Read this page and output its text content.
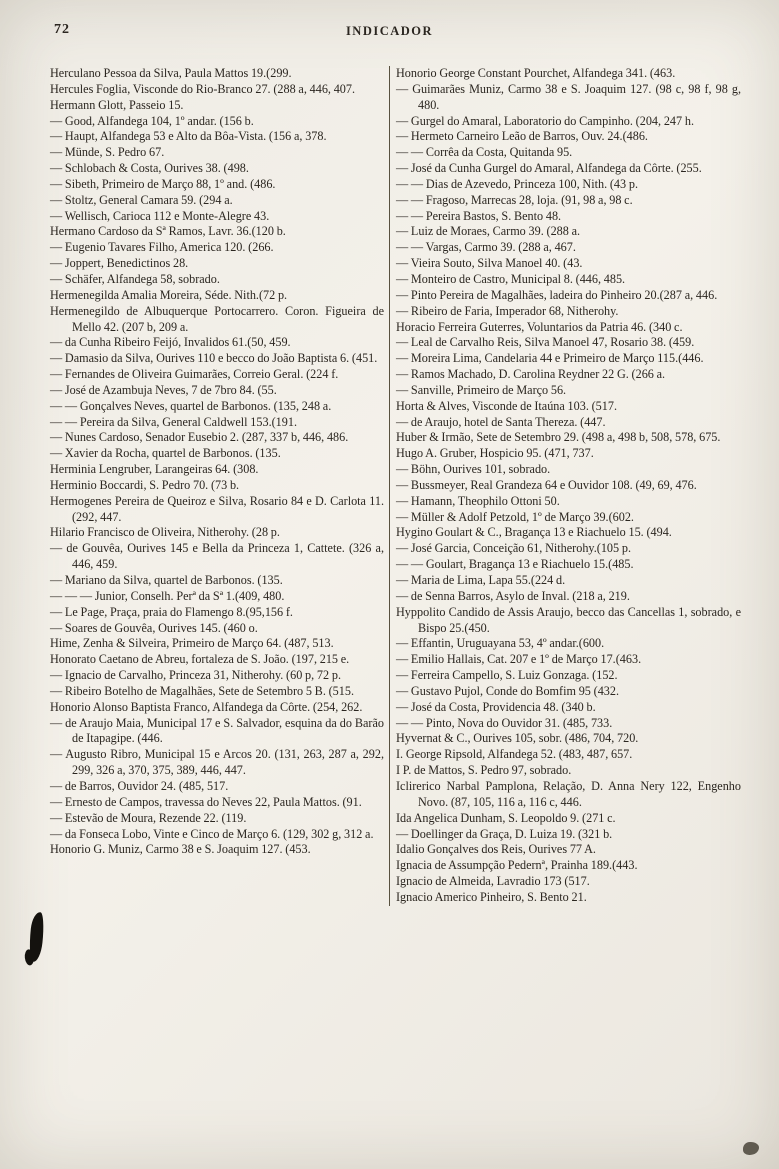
72	INDICADOR
Herculano Pessoa da Silva, Paula Mattos 19.(299.
Hercules Foglia, Visconde do Rio-Branco 27. (288 a, 446, 407.
Hermann Glott, Passeio 15.
— Good, Alfandega 104, 1º andar. (156 b.
— Haupt, Alfandega 53 e Alto da Bôa-Vista. (156 a, 378.
— Münde, S. Pedro 67.
— Schlobach & Costa, Ourives 38. (498.
— Sibeth, Primeiro de Março 88, 1º and. (486.
— Stoltz, General Camara 59. (294 a.
— Wellisch, Carioca 112 e Monte-Alegre 43.
Hermano Cardoso da Sª Ramos, Lavr. 36.(120 b.
— Eugenio Tavares Filho, America 120. (266.
— Joppert, Benedictinos 28.
— Schäfer, Alfandega 58, sobrado.
Hermenegilda Amalia Moreira, Séde. Nith.(72 p.
Hermenegildo de Albuquerque Portocarrero. Coron. Figueira de Mello 42. (207 b, 209 a.
— da Cunha Ribeiro Feijó, Invalidos 61.(50, 459.
— Damasio da Silva, Ourives 110 e becco do João Baptista 6. (451.
— Fernandes de Oliveira Guimarães, Correio Geral. (224 f.
— José de Azambuja Neves, 7 de 7bro 84. (55.
— — Gonçalves Neves, quartel de Barbonos. (135, 248 a.
— — Pereira da Silva, General Caldwell 153.(191.
— Nunes Cardoso, Senador Eusebio 2. (287, 337 b, 446, 486.
— Xavier da Rocha, quartel de Barbonos. (135.
Herminia Lengruber, Larangeiras 64. (308.
Herminio Boccardi, S. Pedro 70. (73 b.
Hermogenes Pereira de Queiroz e Silva, Rosario 84 e D. Carlota 11. (292, 447.
Hilario Francisco de Oliveira, Nitherohy. (28 p.
— de Gouvêa, Ourives 145 e Bella da Princeza 1, Cattete. (326 a, 446, 459.
— Mariano da Silva, quartel de Barbonos. (135.
— — — Junior, Conselh. Perª da Sª 1.(409, 480.
— Le Page, Praça, praia do Flamengo 8.(95,156 f.
— Soares de Gouvêa, Ourives 145. (460 o.
Hime, Zenha & Silveira, Primeiro de Março 64. (487, 513.
Honorato Caetano de Abreu, fortaleza de S. João. (197, 215 e.
— Ignacio de Carvalho, Princeza 31, Nitherohy. (60 p, 72 p.
— Ribeiro Botelho de Magalhães, Sete de Setembro 5 B. (515.
Honorio Alonso Baptista Franco, Alfandega da Côrte. (254, 262.
— de Araujo Maia, Municipal 17 e S. Salvador, esquina da do Barão de Itapagipe. (446.
— Augusto Ribro, Municipal 15 e Arcos 20. (131, 263, 287 a, 292, 299, 326 a, 370, 375, 389, 446, 447.
— de Barros, Ouvidor 24. (485, 517.
— Ernesto de Campos, travessa do Neves 22, Paula Mattos. (91.
— Estevão de Moura, Rezende 22. (119.
— da Fonseca Lobo, Vinte e Cinco de Março 6. (129, 302 g, 312 a.
Honorio G. Muniz, Carmo 38 e S. Joaquim 127. (453.
Honorio George Constant Pourchet, Alfandega 341. (463.
— Guimarães Muniz, Carmo 38 e S. Joaquim 127. (98 c, 98 f, 98 g, 480.
— Gurgel do Amaral, Laboratorio do Campinho. (204, 247 h.
— Hermeto Carneiro Leão de Barros, Ouv. 24.(486.
— — Corrêa da Costa, Quitanda 95.
— José da Cunha Gurgel do Amaral, Alfandega da Côrte. (255.
— — Dias de Azevedo, Princeza 100, Nith. (43 p.
— — Fragoso, Marrecas 28, loja. (91, 98 a, 98 c.
— — Pereira Bastos, S. Bento 48.
— Luiz de Moraes, Carmo 39. (288 a.
— — Vargas, Carmo 39. (288 a, 467.
— Vieira Souto, Silva Manoel 40. (43.
— Monteiro de Castro, Municipal 8. (446, 485.
— Pinto Pereira de Magalhães, ladeira do Pinheiro 20.(287 a, 446.
— Ribeiro de Faria, Imperador 68, Nitherohy.
Horacio Ferreira Guterres, Voluntarios da Patria 46. (340 c.
— Leal de Carvalho Reis, Silva Manoel 47, Rosario 38. (459.
— Moreira Lima, Candelaria 44 e Primeiro de Março 115.(446.
— Ramos Machado, D. Carolina Reydner 22 G. (266 a.
— Sanville, Primeiro de Março 56.
Horta & Alves, Visconde de Itaúna 103. (517.
— de Araujo, hotel de Santa Thereza. (447.
Huber & Irmão, Sete de Setembro 29. (498 a, 498 b, 508, 578, 675.
Hugo A. Gruber, Hospicio 95. (471, 737.
— Böhn, Ourives 101, sobrado.
— Bussmeyer, Real Grandeza 64 e Ouvidor 108. (49, 69, 476.
— Hamann, Theophilo Ottoni 50.
— Müller & Adolf Petzold, 1º de Março 39.(602.
Hygino Goulart & C., Bragança 13 e Riachuelo 15. (494.
— José Garcia, Conceição 61, Nitherohy.(105 p.
— — Goulart, Bragança 13 e Riachuelo 15.(485.
— Maria de Lima, Lapa 55.(224 d.
— de Senna Barros, Asylo de Inval. (218 a, 219.
Hyppolito Candido de Assis Araujo, becco das Cancellas 1, sobrado, e Bispo 25.(450.
— Effantin, Uruguayana 53, 4º andar.(600.
— Emilio Hallais, Cat. 207 e 1º de Março 17.(463.
— Ferreira Campello, S. Luiz Gonzaga. (152.
— Gustavo Pujol, Conde do Bomfim 95 (432.
— José da Costa, Providencia 48. (340 b.
— — Pinto, Nova do Ouvidor 31. (485, 733.
Hyvernat & C., Ourives 105, sobr. (486, 704, 720.
I. George Ripsold, Alfandega 52. (483, 487, 657.
I P. de Mattos, S. Pedro 97, sobrado.
Iclirerico Narbal Pamplona, Relação, D. Anna Nery 122, Engenho Novo. (87, 105, 116 a, 116 c, 446.
Ida Angelica Dunham, S. Leopoldo 9. (271 c.
— Doellinger da Graça, D. Luiza 19. (321 b.
Idalio Gonçalves dos Reis, Ourives 77 A.
Ignacia de Assumpção Pedernª, Prainha 189.(443.
Ignacio de Almeida, Lavradio 173 (517.
Ignacio Americo Pinheiro, S. Bento 21.
